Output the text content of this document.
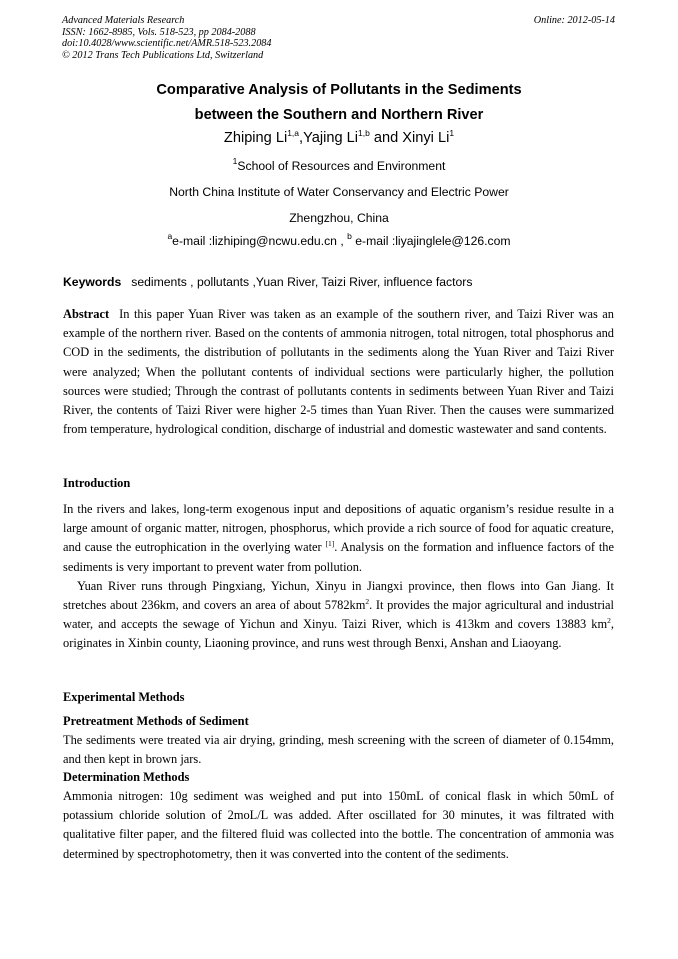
Advanced Materials Research
ISSN: 1662-8985, Vols. 518-523, pp 2084-2088
doi:10.4028/www.scientific.net/AMR.518-523.2084
© 2012 Trans Tech Publications Ltd, Switzerland
Online: 2012-05-14
Comparative Analysis of Pollutants in the Sediments
between the Southern and Northern River
Zhiping Li$^{1,a}$,Yajing Li$^{1,b}$ and Xinyi Li$^1$
$^1$School of Resources and Environment
North China Institute of Water Conservancy and Electric Power
Zhengzhou, China
$^a$e-mail :lizhiping@ncwu.edu.cn , $^b$ e-mail :liyajinglele@126.com
Keywords sediments , pollutants ,Yuan River, Taizi River, influence factors

Abstract In this paper Yuan River was taken as an example of the southern river, and Taizi River was an example of the northern river. Based on the contents of ammonia nitrogen, total nitrogen, total phosphorus and COD in the sediments, the distribution of pollutants in the sediments along the Yuan River and Taizi River were analyzed; When the pollutant contents of individual sections were particularly higher, the pollution sources were studied; Through the contrast of pollutants contents in sediments between Yuan River and Taizi River, the contents of Taizi River were higher 2-5 times than Yuan River. Then the causes were summarized from temperature, hydrological condition, discharge of industrial and domestic wastewater and sand contents.

Introduction

In the rivers and lakes, long-term exogenous input and depositions of aquatic organism’s residue resulte in a large amount of organic matter, nitrogen, phosphorus, which provide a rich source of food for aquatic creature, and cause the eutrophication in the overlying water [1]. Analysis on the formation and influence factors of the sediments is very important to prevent water from pollution.

Yuan River runs through Pingxiang, Yichun, Xinyu in Jiangxi province, then flows into Gan Jiang. It stretches about 236km, and covers an area of about $5782km^2$. It provides the major agricultural and industrial water, and accepts the sewage of Yichun and Xinyu. Taizi River, which is 413km and covers 13883 $km^2$, originates in Xinbin county, Liaoning province, and runs west through Benxi, Anshan and Liaoyang.

Experimental Methods
Pretreatment Methods of Sediment

The sediments were treated via air drying, grinding, mesh screening with the screen of diameter of 0.154mm, and then kept in brown jars.

Determination Methods

Ammonia nitrogen: 10g sediment was weighed and put into 150mL of conical flask in which 50mL of potassium chloride solution of 2moL/L was added. After oscillated for 30 minutes, it was filtrated with qualitative filter paper, and the filtered fluid was collected into the bottle. The concentration of ammonia was determined by spectrophotometry, then it was converted into the content of the sediments.
